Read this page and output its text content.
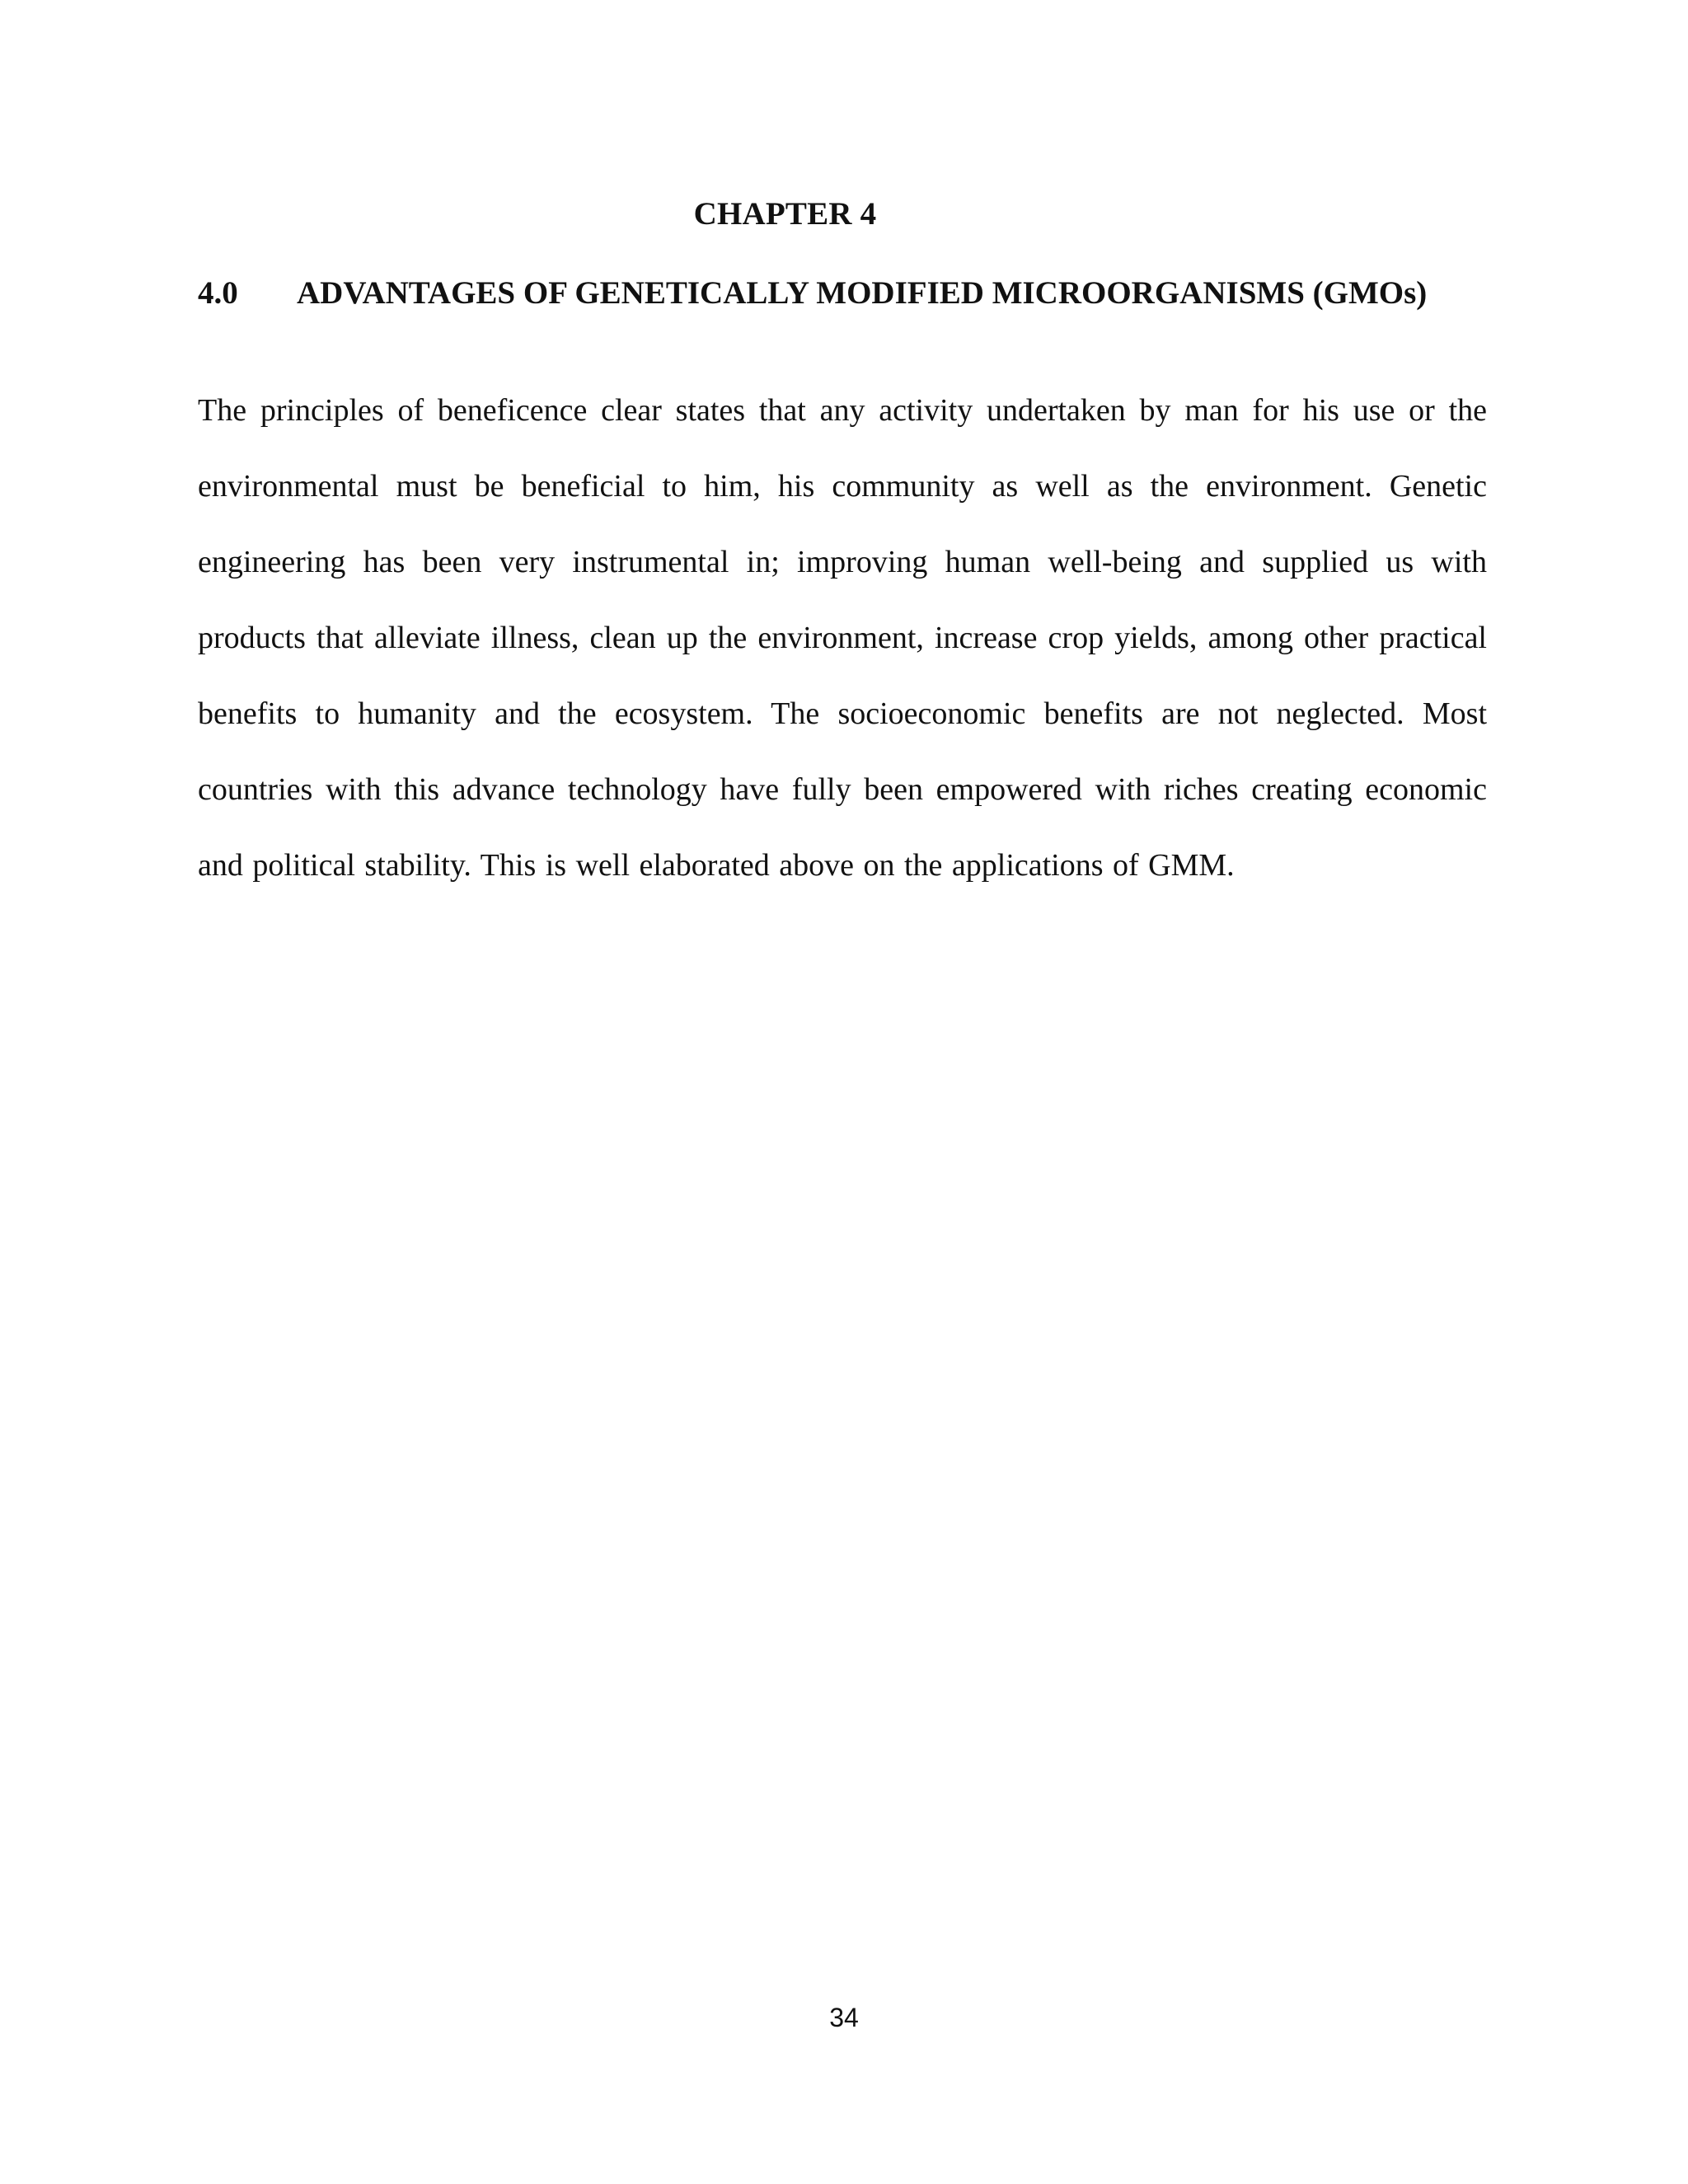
CHAPTER 4
4.0 ADVANTAGES OF GENETICALLY MODIFIED MICROORGANISMS (GMOs)

The principles of beneficence clear states that any activity undertaken by man for his use or the environmental must be beneficial to him, his community as well as the environment. Genetic engineering has been very instrumental in; improving human well-being and supplied us with products that alleviate illness, clean up the environment, increase crop yields, among other practical benefits to humanity and the ecosystem. The socioeconomic benefits are not neglected. Most countries with this advance technology have fully been empowered with riches creating economic and political stability. This is well elaborated above on the applications of GMM.

34
